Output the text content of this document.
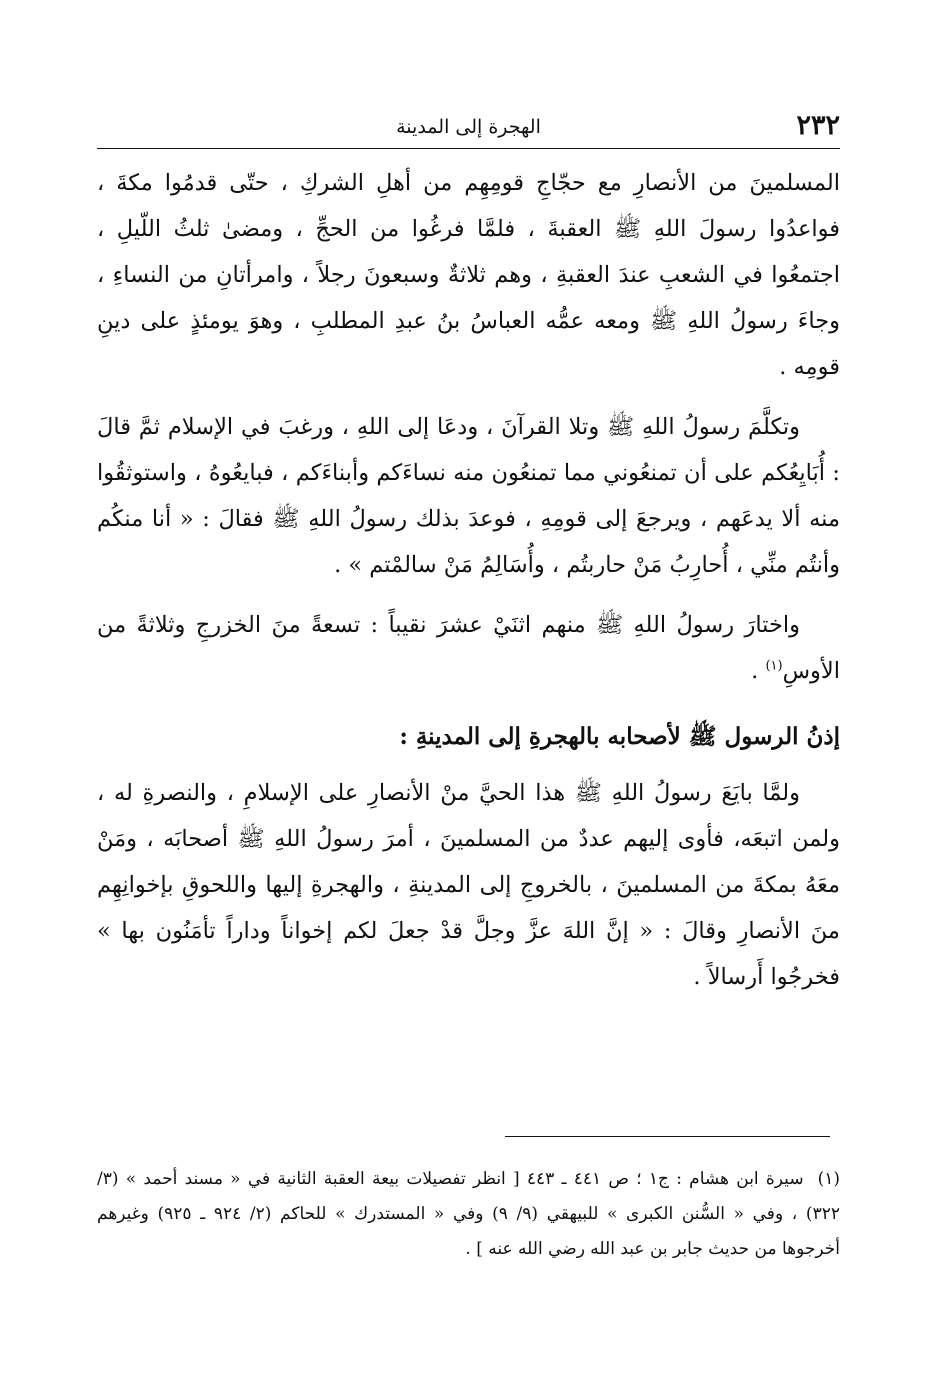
٢٣٢
الهجرة إلى المدينة

المسلمينَ من الأنصارِ مع حجّاجِ قومِهِم من أهلِ الشركِ ، حتّى قدمُوا مكةَ ، فواعدُوا رسولَ اللهِ ﷺ العقبةَ ، فلمَّا فرغُوا من الحجِّ ، ومضىٰ ثلثُ اللّيلِ ، اجتمعُوا في الشعبِ عندَ العقبةِ ، وهم ثلاثةٌ وسبعونَ رجلاً ، وامرأتانِ من النساءِ ، وجاءَ رسولُ اللهِ ﷺ ومعه عمُّه العباسُ بنُ عبدِ المطلبِ ، وهوَ يومئذٍ على دينِ قومِه .

وتكلَّمَ رسولُ اللهِ ﷺ وتلا القرآنَ ، ودعَا إلى اللهِ ، ورغبَ في الإسلام ثمَّ قالَ : أُبَايِعُكم على أن تمنعُوني مما تمنعُون منه نساءَكم وأبناءَكم ، فبايعُوهُ ، واستوثقُوا منه ألا يدعَهم ، ويرجعَ إلى قومِهِ ، فوعدَ بذلك رسولُ اللهِ ﷺ فقالَ : « أنا منكُم وأنتُم منِّي ، أُحارِبُ مَنْ حاربتُم ، وأُسَالِمُ مَنْ سالمْتم » .

واختارَ رسولُ اللهِ ﷺ منهم اثنَيْ عشرَ نقيباً : تسعةً منَ الخزرجِ وثلاثةً من الأوسِ$^{(١)}$ .

إذنُ الرسول ﷺ لأصحابه بالهجرةِ إلى المدينةِ :

ولمَّا بايَعَ رسولُ اللهِ ﷺ هذا الحيَّ منْ الأنصارِ على الإسلامِ ، والنصرةِ له ، ولمن اتبعَه، فأوى إليهم عددٌ من المسلمينَ ، أمرَ رسولُ اللهِ ﷺ أصحابَه ، ومَنْ معَهُ بمكةَ من المسلمينَ ، بالخروجِ إلى المدينةِ ، والهجرةِ إليها واللحوقِ بإخوانِهِم منَ الأنصارِ وقالَ : « إنَّ اللهَ عزَّ وجلَّ قدْ جعلَ لكم إخواناً وداراً تأمَنُون بها » فخرجُوا أَرسالاً .

(١)سيرة ابن هشام : ج١ ؛ ص ٤٤١ ـ ٤٤٣ [ انظر تفصيلات بيعة العقبة الثانية في « مسند أحمد » (٣/ ٣٢٢) ، وفي « السُّنن الكبرى » للبيهقي (٩/ ٩) وفي « المستدرك » للحاكم (٢/ ٩٢٤ ـ ٩٢٥) وغيرهم أخرجوها من حديث جابر بن عبد الله رضي الله عنه ] .
